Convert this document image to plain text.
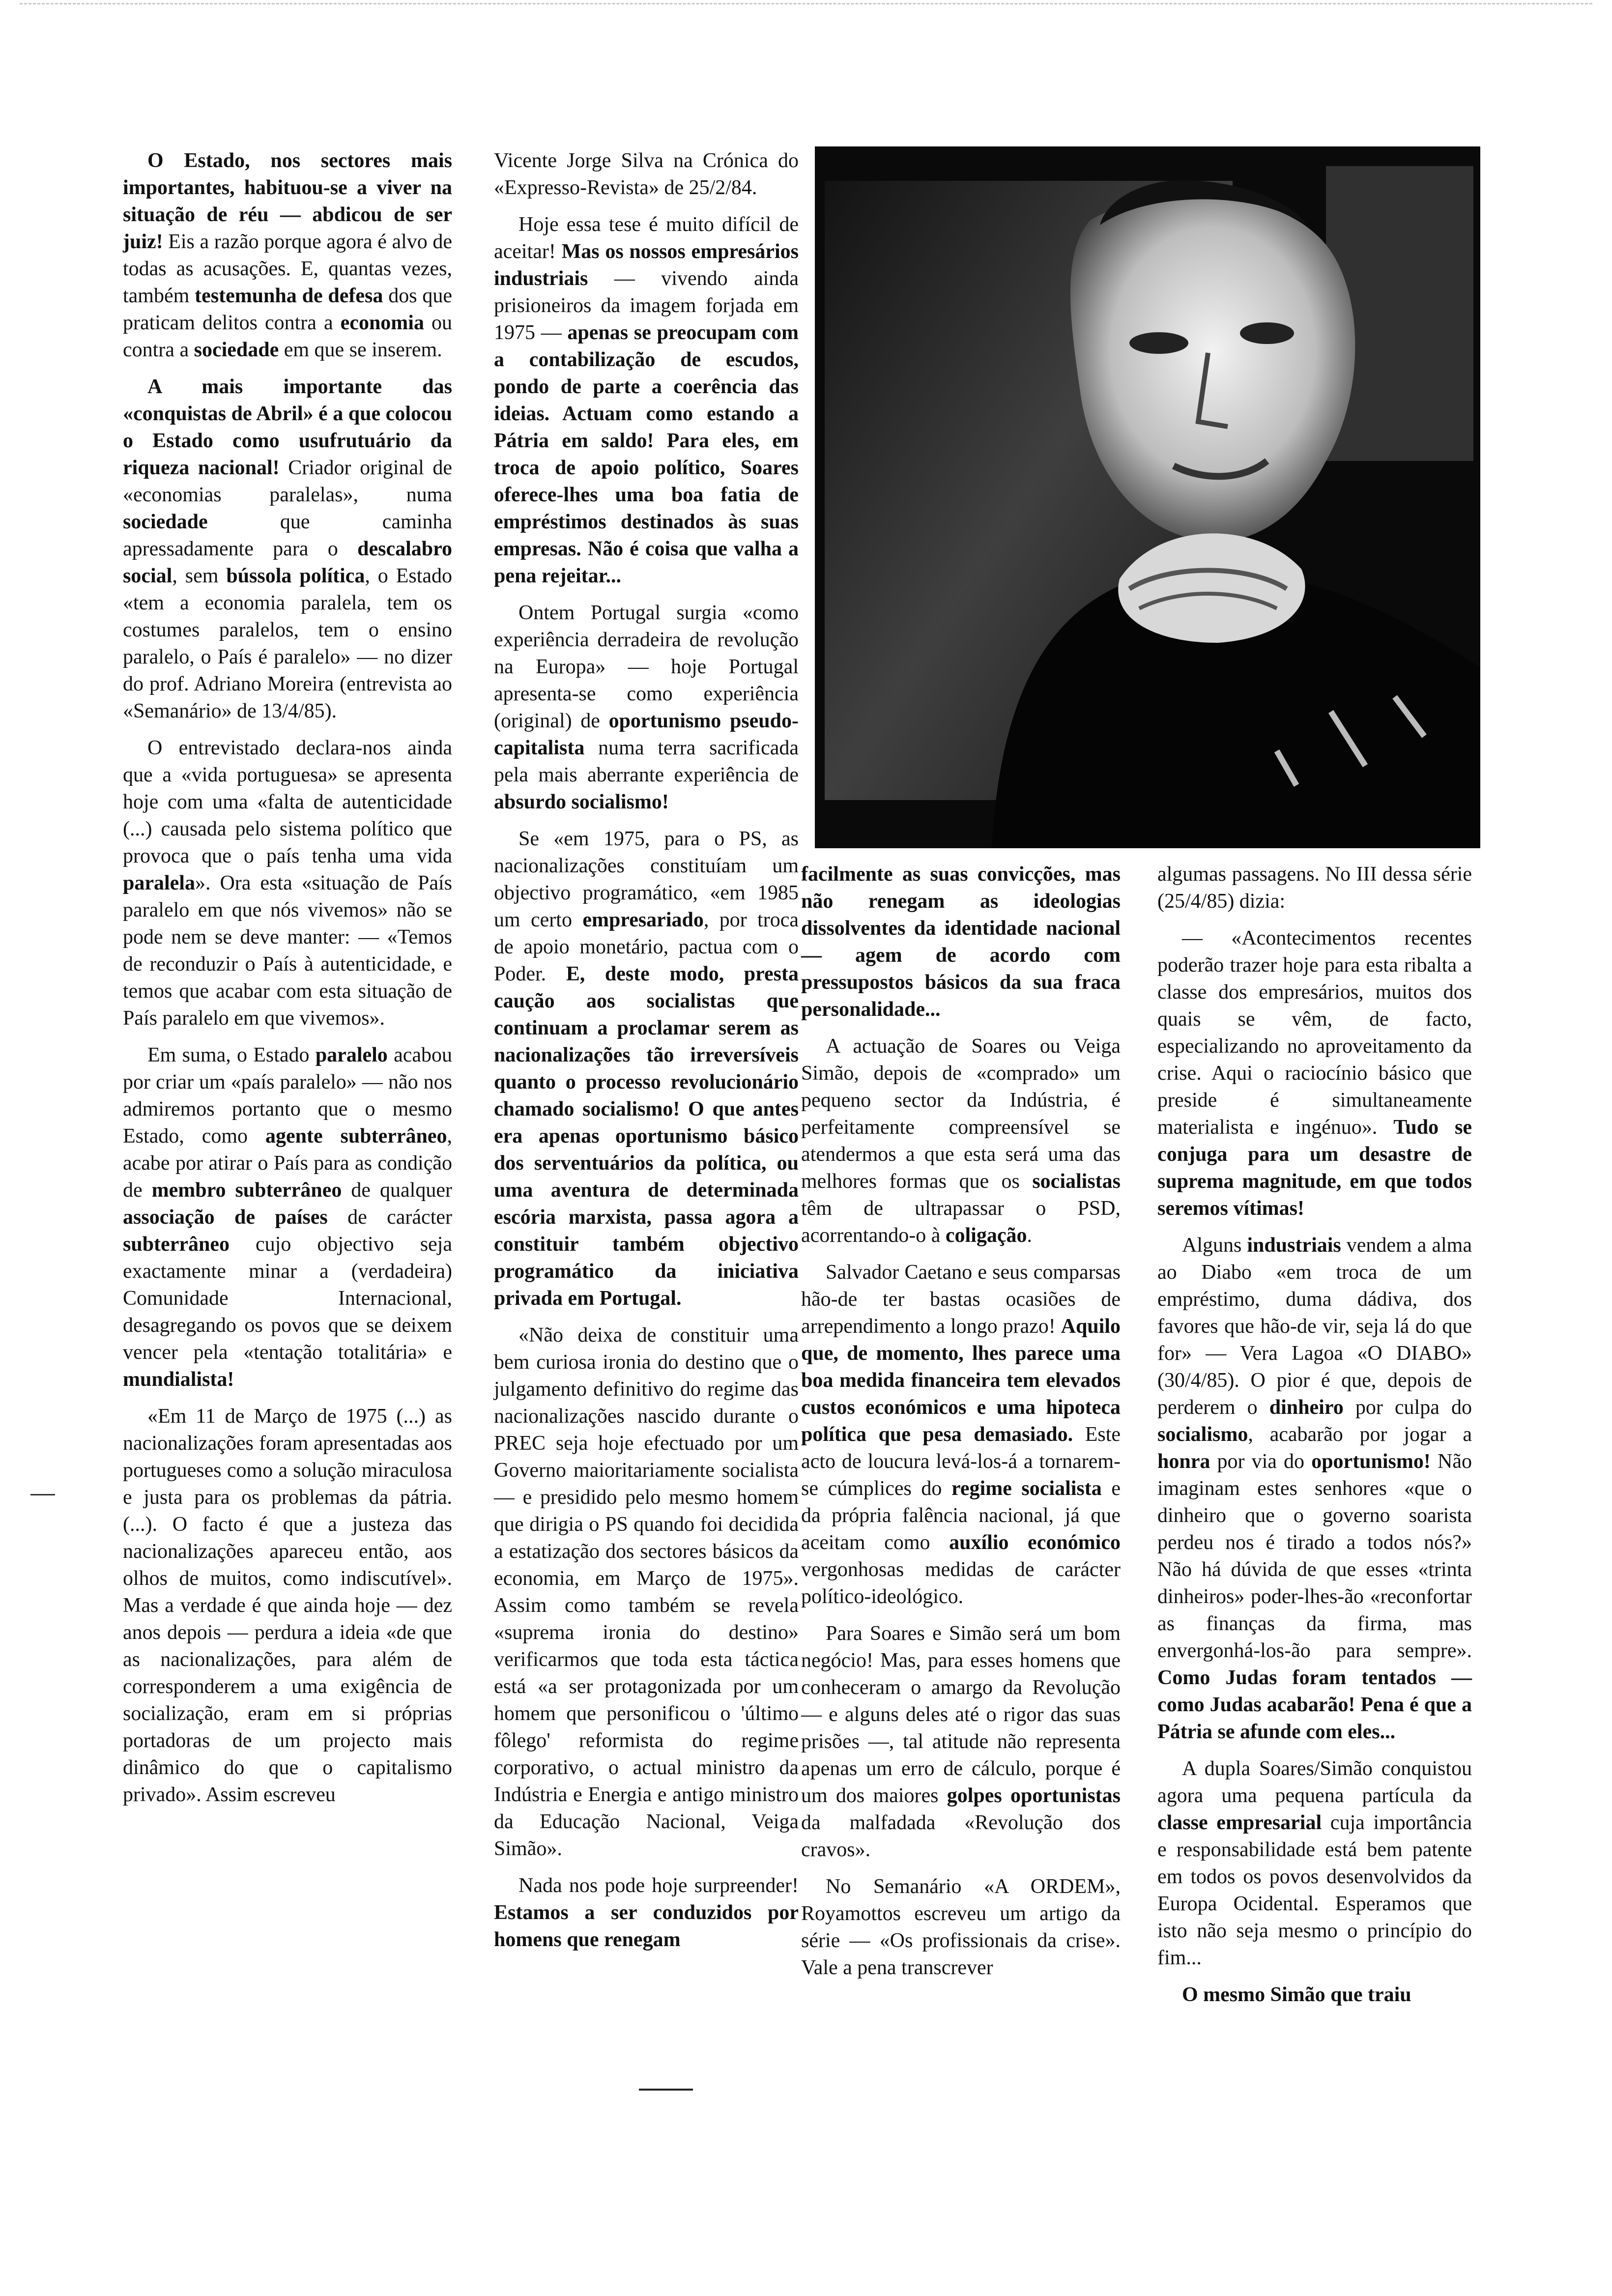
O Estado, nos sectores mais importantes, habituou-se a viver na situação de réu — abdicou de ser juiz! Eis a razão porque agora é alvo de todas as acusações. E, quantas vezes, também testemunha de defesa dos que praticam delitos contra a economia ou contra a sociedade em que se inserem.

A mais importante das «conquistas de Abril» é a que colocou o Estado como usufrutuário da riqueza nacional! Criador original de «economias paralelas», numa sociedade que caminha apressadamente para o descalabro social, sem bússola política, o Estado «tem a economia paralela, tem os costumes paralelos, tem o ensino paralelo, o País é paralelo» — no dizer do prof. Adriano Moreira (entrevista ao «Semanário» de 13/4/85).

O entrevistado declara-nos ainda que a «vida portuguesa» se apresenta hoje com uma «falta de autenticidade (...) causada pelo sistema político que provoca que o país tenha uma vida paralela». Ora esta «situação de País paralelo em que nós vivemos» não se pode nem se deve manter: — «Temos de reconduzir o País à autenticidade, e temos que acabar com esta situação de País paralelo em que vivemos».

Em suma, o Estado paralelo acabou por criar um «país paralelo» — não nos admiremos portanto que o mesmo Estado, como agente subterrâneo, acabe por atirar o País para as condição de membro subterrâneo de qualquer associação de países de carácter subterrâneo cujo objectivo seja exactamente minar a (verdadeira) Comunidade Internacional, desagregando os povos que se deixem vencer pela «tentação totalitária» e mundialista!

«Em 11 de Março de 1975 (...) as nacionalizações foram apresentadas aos portugueses como a solução miraculosa e justa para os problemas da pátria. (...). O facto é que a justeza das nacionalizações apareceu então, aos olhos de muitos, como indiscutível». Mas a verdade é que ainda hoje — dez anos depois — perdura a ideia «de que as nacionalizações, para além de corresponderem a uma exigência de socialização, eram em si próprias portadoras de um projecto mais dinâmico do que o capitalismo privado». Assim escreveu

Vicente Jorge Silva na Crónica do «Expresso-Revista» de 25/2/84.

Hoje essa tese é muito difícil de aceitar! Mas os nossos empresários industriais — vivendo ainda prisioneiros da imagem forjada em 1975 — apenas se preocupam com a contabilização de escudos, pondo de parte a coerência das ideias. Actuam como estando a Pátria em saldo! Para eles, em troca de apoio político, Soares oferece-lhes uma boa fatia de empréstimos destinados às suas empresas. Não é coisa que valha a pena rejeitar...

Ontem Portugal surgia «como experiência derradeira de revolução na Europa» — hoje Portugal apresenta-se como experiência (original) de oportunismo pseudo-capitalista numa terra sacrificada pela mais aberrante experiência de absurdo socialismo!

Se «em 1975, para o PS, as nacionalizações constituíam um objectivo programático, «em 1985 um certo empresariado, por troca de apoio monetário, pactua com o Poder. E, deste modo, presta caução aos socialistas que continuam a proclamar serem as nacionalizações tão irreversíveis quanto o processo revolucionário chamado socialismo! O que antes era apenas oportunismo básico dos serventuários da política, ou uma aventura de determinada escória marxista, passa agora a constituir também objectivo programático da iniciativa privada em Portugal.

«Não deixa de constituir uma bem curiosa ironia do destino que o julgamento definitivo do regime das nacionalizações nascido durante o PREC seja hoje efectuado por um Governo maioritariamente socialista — e presidido pelo mesmo homem que dirigia o PS quando foi decidida a estatização dos sectores básicos da economia, em Março de 1975». Assim como também se revela «suprema ironia do destino» verificarmos que toda esta táctica está «a ser protagonizada por um homem que personificou o 'último fôlego' reformista do regime corporativo, o actual ministro da Indústria e Energia e antigo ministro da Educação Nacional, Veiga Simão».

Nada nos pode hoje surpreender! Estamos a ser conduzidos por homens que renegam

facilmente as suas convicções, mas não renegam as ideologias dissolventes da identidade nacional — agem de acordo com pressupostos básicos da sua fraca personalidade...

A actuação de Soares ou Veiga Simão, depois de «comprado» um pequeno sector da Indústria, é perfeitamente compreensível se atendermos a que esta será uma das melhores formas que os socialistas têm de ultrapassar o PSD, acorrentando-o à coligação.

Salvador Caetano e seus comparsas hão-de ter bastas ocasiões de arrependimento a longo prazo! Aquilo que, de momento, lhes parece uma boa medida financeira tem elevados custos económicos e uma hipoteca política que pesa demasiado. Este acto de loucura levá-los-á a tornarem-se cúmplices do regime socialista e da própria falência nacional, já que aceitam como auxílio económico vergonhosas medidas de carácter político-ideológico.

Para Soares e Simão será um bom negócio! Mas, para esses homens que conheceram o amargo da Revolução — e alguns deles até o rigor das suas prisões —, tal atitude não representa apenas um erro de cálculo, porque é um dos maiores golpes oportunistas da malfadada «Revolução dos cravos».

No Semanário «A ORDEM», Royamottos escreveu um artigo da série — «Os profissionais da crise». Vale a pena transcrever

algumas passagens. No III dessa série (25/4/85) dizia:

— «Acontecimentos recentes poderão trazer hoje para esta ribalta a classe dos empresários, muitos dos quais se vêm, de facto, especializando no aproveitamento da crise. Aqui o raciocínio básico que preside é simultaneamente materialista e ingénuo». Tudo se conjuga para um desastre de suprema magnitude, em que todos seremos vítimas!

Alguns industriais vendem a alma ao Diabo «em troca de um empréstimo, duma dádiva, dos favores que hão-de vir, seja lá do que for» — Vera Lagoa «O DIABO» (30/4/85). O pior é que, depois de perderem o dinheiro por culpa do socialismo, acabarão por jogar a honra por via do oportunismo! Não imaginam estes senhores «que o dinheiro que o governo soarista perdeu nos é tirado a todos nós?» Não há dúvida de que esses «trinta dinheiros» poder-lhes-ão «reconfortar as finanças da firma, mas envergonhá-los-ão para sempre». Como Judas foram tentados — como Judas acabarão! Pena é que a Pátria se afunde com eles...

A dupla Soares/Simão conquistou agora uma pequena partícula da classe empresarial cuja importância e responsabilidade está bem patente em todos os povos desenvolvidos da Europa Ocidental. Esperamos que isto não seja mesmo o princípio do fim...

O mesmo Simão que traiu
